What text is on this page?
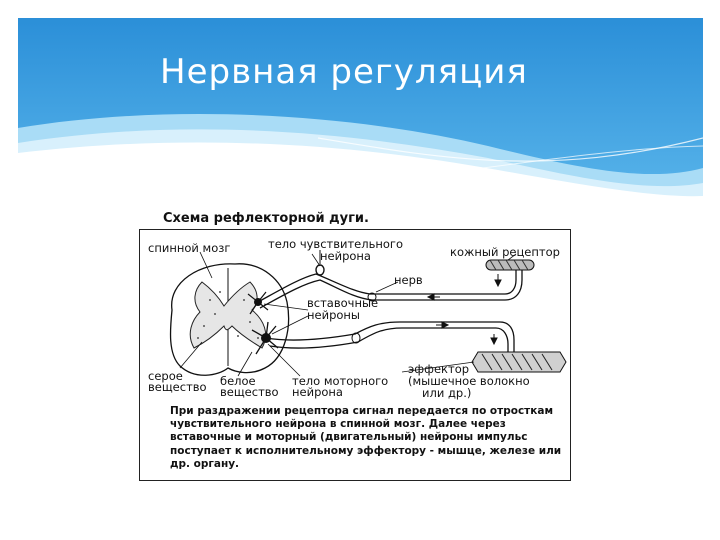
Нервная регуляция
Схема рефлекторной дуги.
спинной мозг	тело чувствительного
нейрона	кожный рецептор
нерв
вставочные
нейроны
серое
вещество белое
вещество
тело моторного
нейрона
эффектор
(мышечное волокно
или др.)
При раздражении рецептора сигнал передается по отросткам чувствительного нейрона в спинной мозг. Далее через вставочные и моторный (двигательный) нейроны импульс поступает к исполнительному эффектору - мышце, железе или др. органу.
